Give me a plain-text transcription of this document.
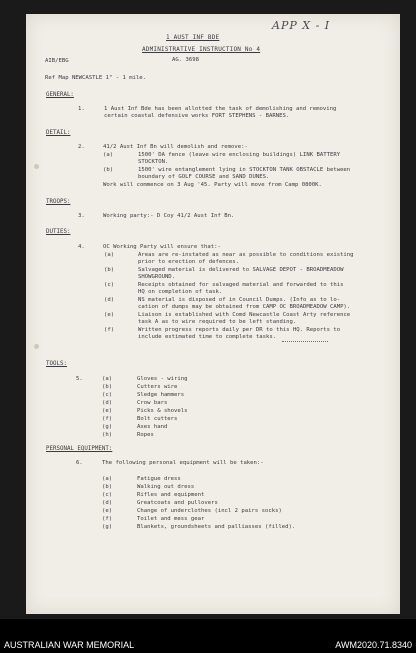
APP X - I
1 AUST INF BDE
ADMINISTRATIVE INSTRUCTION No 4
AIB/EBG	AG. 3698
Ref Map NEWCASTLE 1" - 1 mile.
GENERAL:
1.	1 Aust Inf Bde has been allotted the task of demolishing and removing
certain coastal defensive works FORT STEPHENS - BARNES.
DETAIL:
2.	41/2 Aust Inf Bn will demolish and remove:-
(a)	1500' DA fence (leave wire enclosing buildings) LINK BATTERY
STOCKTON.
(b)	1500' wire entanglement lying in STOCKTON TANK OBSTACLE between
boundary of GOLF COURSE and SAND DUNES.
Work will commence on 3 Aug '45. Party will move from Camp 0800K.
TROOPS:
3.	Working party:- D Coy 41/2 Aust Inf Bn.
DUTIES:
4.	OC Working Party will ensure that:-
(a)	Areas are re-instated as near as possible to conditions existing
prior to erection of defences.
(b)	Salvaged material is delivered to SALVAGE DEPOT - BROADMEADOW
SHOWGROUND.
(c)	Receipts obtained for salvaged material and forwarded to this
HQ on completion of task.
(d)	NS material is disposed of in Council Dumps. (Info as to lo-
cation of dumps may be obtained from CAMP OC BROADMEADOW CAMP).
(e)	Liaison is established with Comd Newcastle Coast Arty reference
task A as to wire required to be left standing.
(f)	Written progress reports daily per DR to this HQ. Reports to
include estimated time to complete tasks.
TOOLS:
5.	(a)	Gloves - wiring
(b)	Cutters wire
(c)	Sledge hammers
(d)	Crow bars
(e)	Picks & shovels
(f)	Bolt cutters
(g)	Axes hand
(h)	Ropes
PERSONAL EQUIPMENT:
6.	The following personal equipment will be taken:-
(a)	Fatigue dress
(b)	Walking out dress
(c)	Rifles and equipment
(d)	Greatcoats and pullovers
(e)	Change of underclothes (incl 2 pairs socks)
(f)	Toilet and mess gear
(g)	Blankets, groundsheets and palliasses (filled).
AUSTRALIAN WAR MEMORIAL	AWM2020.71.8340
